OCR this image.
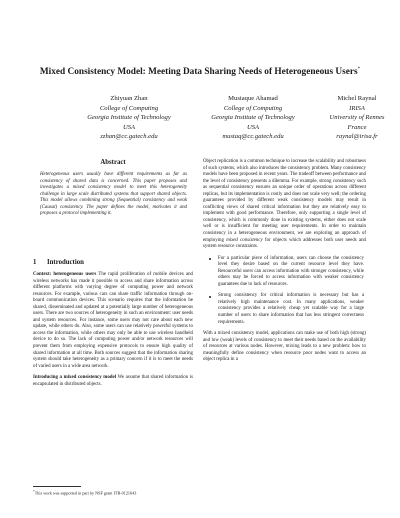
Mixed Consistency Model: Meeting Data Sharing Needs of Heterogeneous Users*
Zhiyuan Zhan
College of Computing
Georgia Institute of Technology
USA
zzhan@cc.gatech.edu
Mustaque Ahamad
College of Computing
Georgia Institute of Technology
USA
mustaq@cc.gatech.edu
Michel Raynal
IRISA
University of Rennes
France
raynal@irisa.fr
Abstract
Heterogeneous users usually have different requirements as far as consistency of shared data is concerned. This paper proposes and investigates a mixed consistency model to meet this heterogeneity challenge in large scale distributed systems that support shared objects. This model allows combining strong (Sequential) consistency and weak (Causal) consistency. The paper defines the model, motivates it and proposes a protocol implementing it.
1 Introduction

Context: heterogeneous users The rapid proliferation of mobile devices and wireless networks has made it possible to access and share information across different platforms with varying degree of computing power and network resources. For example, various cars can share traffic information through on-board communication devices. This scenario requires that the information be shared, disseminated and updated at a potentially large number of heterogeneous users. There are two sources of heterogeneity in such an environment: user needs and system resources. For instance, some users may not care about each new update, while others do. Also, some users can use relatively powerful systems to access the information, while others may only be able to use wireless handheld device to do so. The lack of computing power and/or network resources will prevent them from employing expensive protocols to ensure high quality of shared information at all time. Both sources suggest that the information sharing system should take heterogeneity as a primary concern if it is to meet the needs of varied users in a wide area network.

Introducing a mixed consistency model We assume that shared information is encapsulated in distributed objects.

*This work was supported in part by NSF grant ITR-0121643

Object replication is a common technique to increase the scalability and robustness of such systems, which also introduces the consistency problem. Many consistency models have been proposed in recent years. The tradeoff between performance and the level of consistency presents a dilemma. For example, strong consistency such as sequential consistency ensures an unique order of operations across different replicas, but its implementation is costly and does not scale very well; the ordering guarantees provided by different weak consistency models may result in conflicting views of shared critical information but they are relatively easy to implement with good performance. Therefore, only supporting a single level of consistency, which is commonly done in existing systems, either does not scale well or is insufficient for meeting user requirements. In order to maintain consistency in a heterogeneous environment, we are exploring an approach of employing mixed consistency for objects which addresses both user needs and system resource constraints.

For a particular piece of information, users can choose the consistency level they desire based on the current resource level they have. Resourceful users can access information with stronger consistency, while others may be forced to access information with weaker consistency guarantees due to lack of resources.
Strong consistency for critical information is necessary but has a relatively high maintenance cost. In many applications, weaker consistency provides a relatively cheap yet scalable way for a large number of users to share information that has less stringent correctness requirements.

With a mixed consistency model, applications can make use of both high (strong) and low (weak) levels of consistency to meet their needs based on the availability of resources at various nodes. However, mixing leads to a new problem: how to meaningfully define consistency when resource poor nodes want to access an object replica in a
